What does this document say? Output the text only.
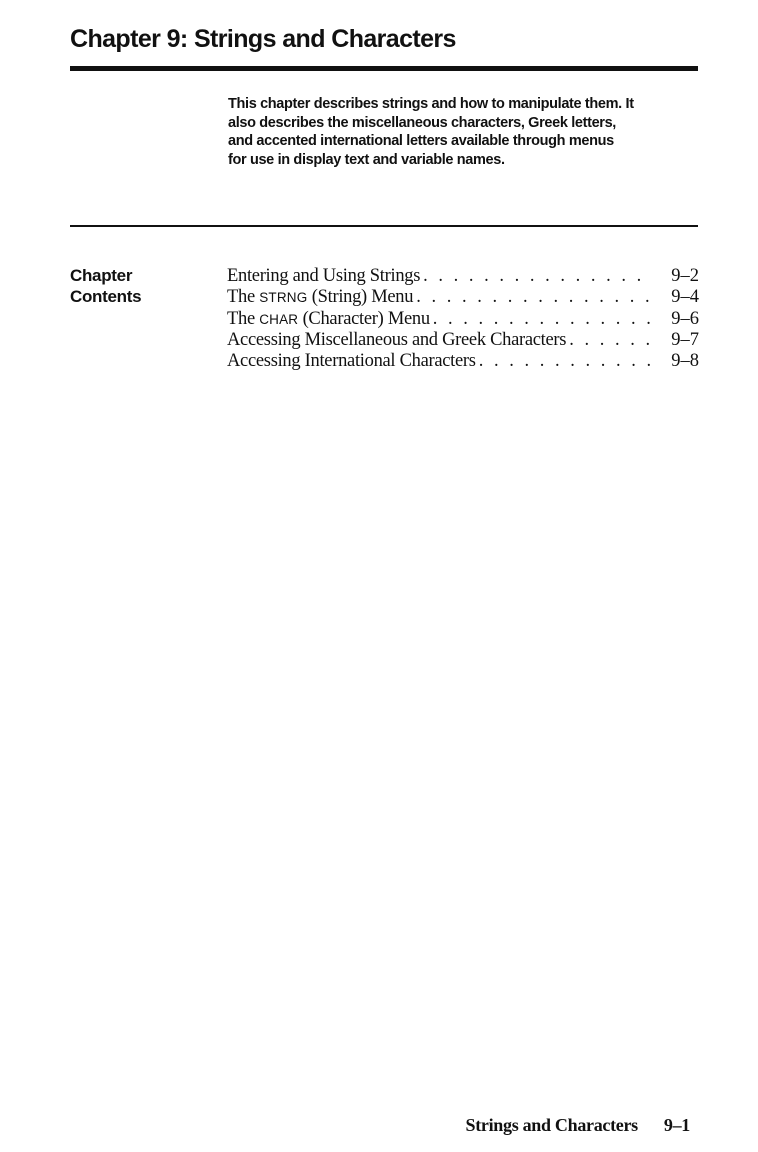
Chapter 9: Strings and Characters

This chapter describes strings and how to manipulate them. It
also describes the miscellaneous characters, Greek letters,
and accented international letters available through menus
for use in display text and variable names.

Chapter
Contents
Entering and Using Strings . . .	9–2
The STRNG (String) Menu . . .	9–4
The CHAR (Character) Menu . . .	9–6
Accessing Miscellaneous and Greek Characters . . .	9–7
Accessing International Characters . . .	9–8

Strings and Characters 9–1
